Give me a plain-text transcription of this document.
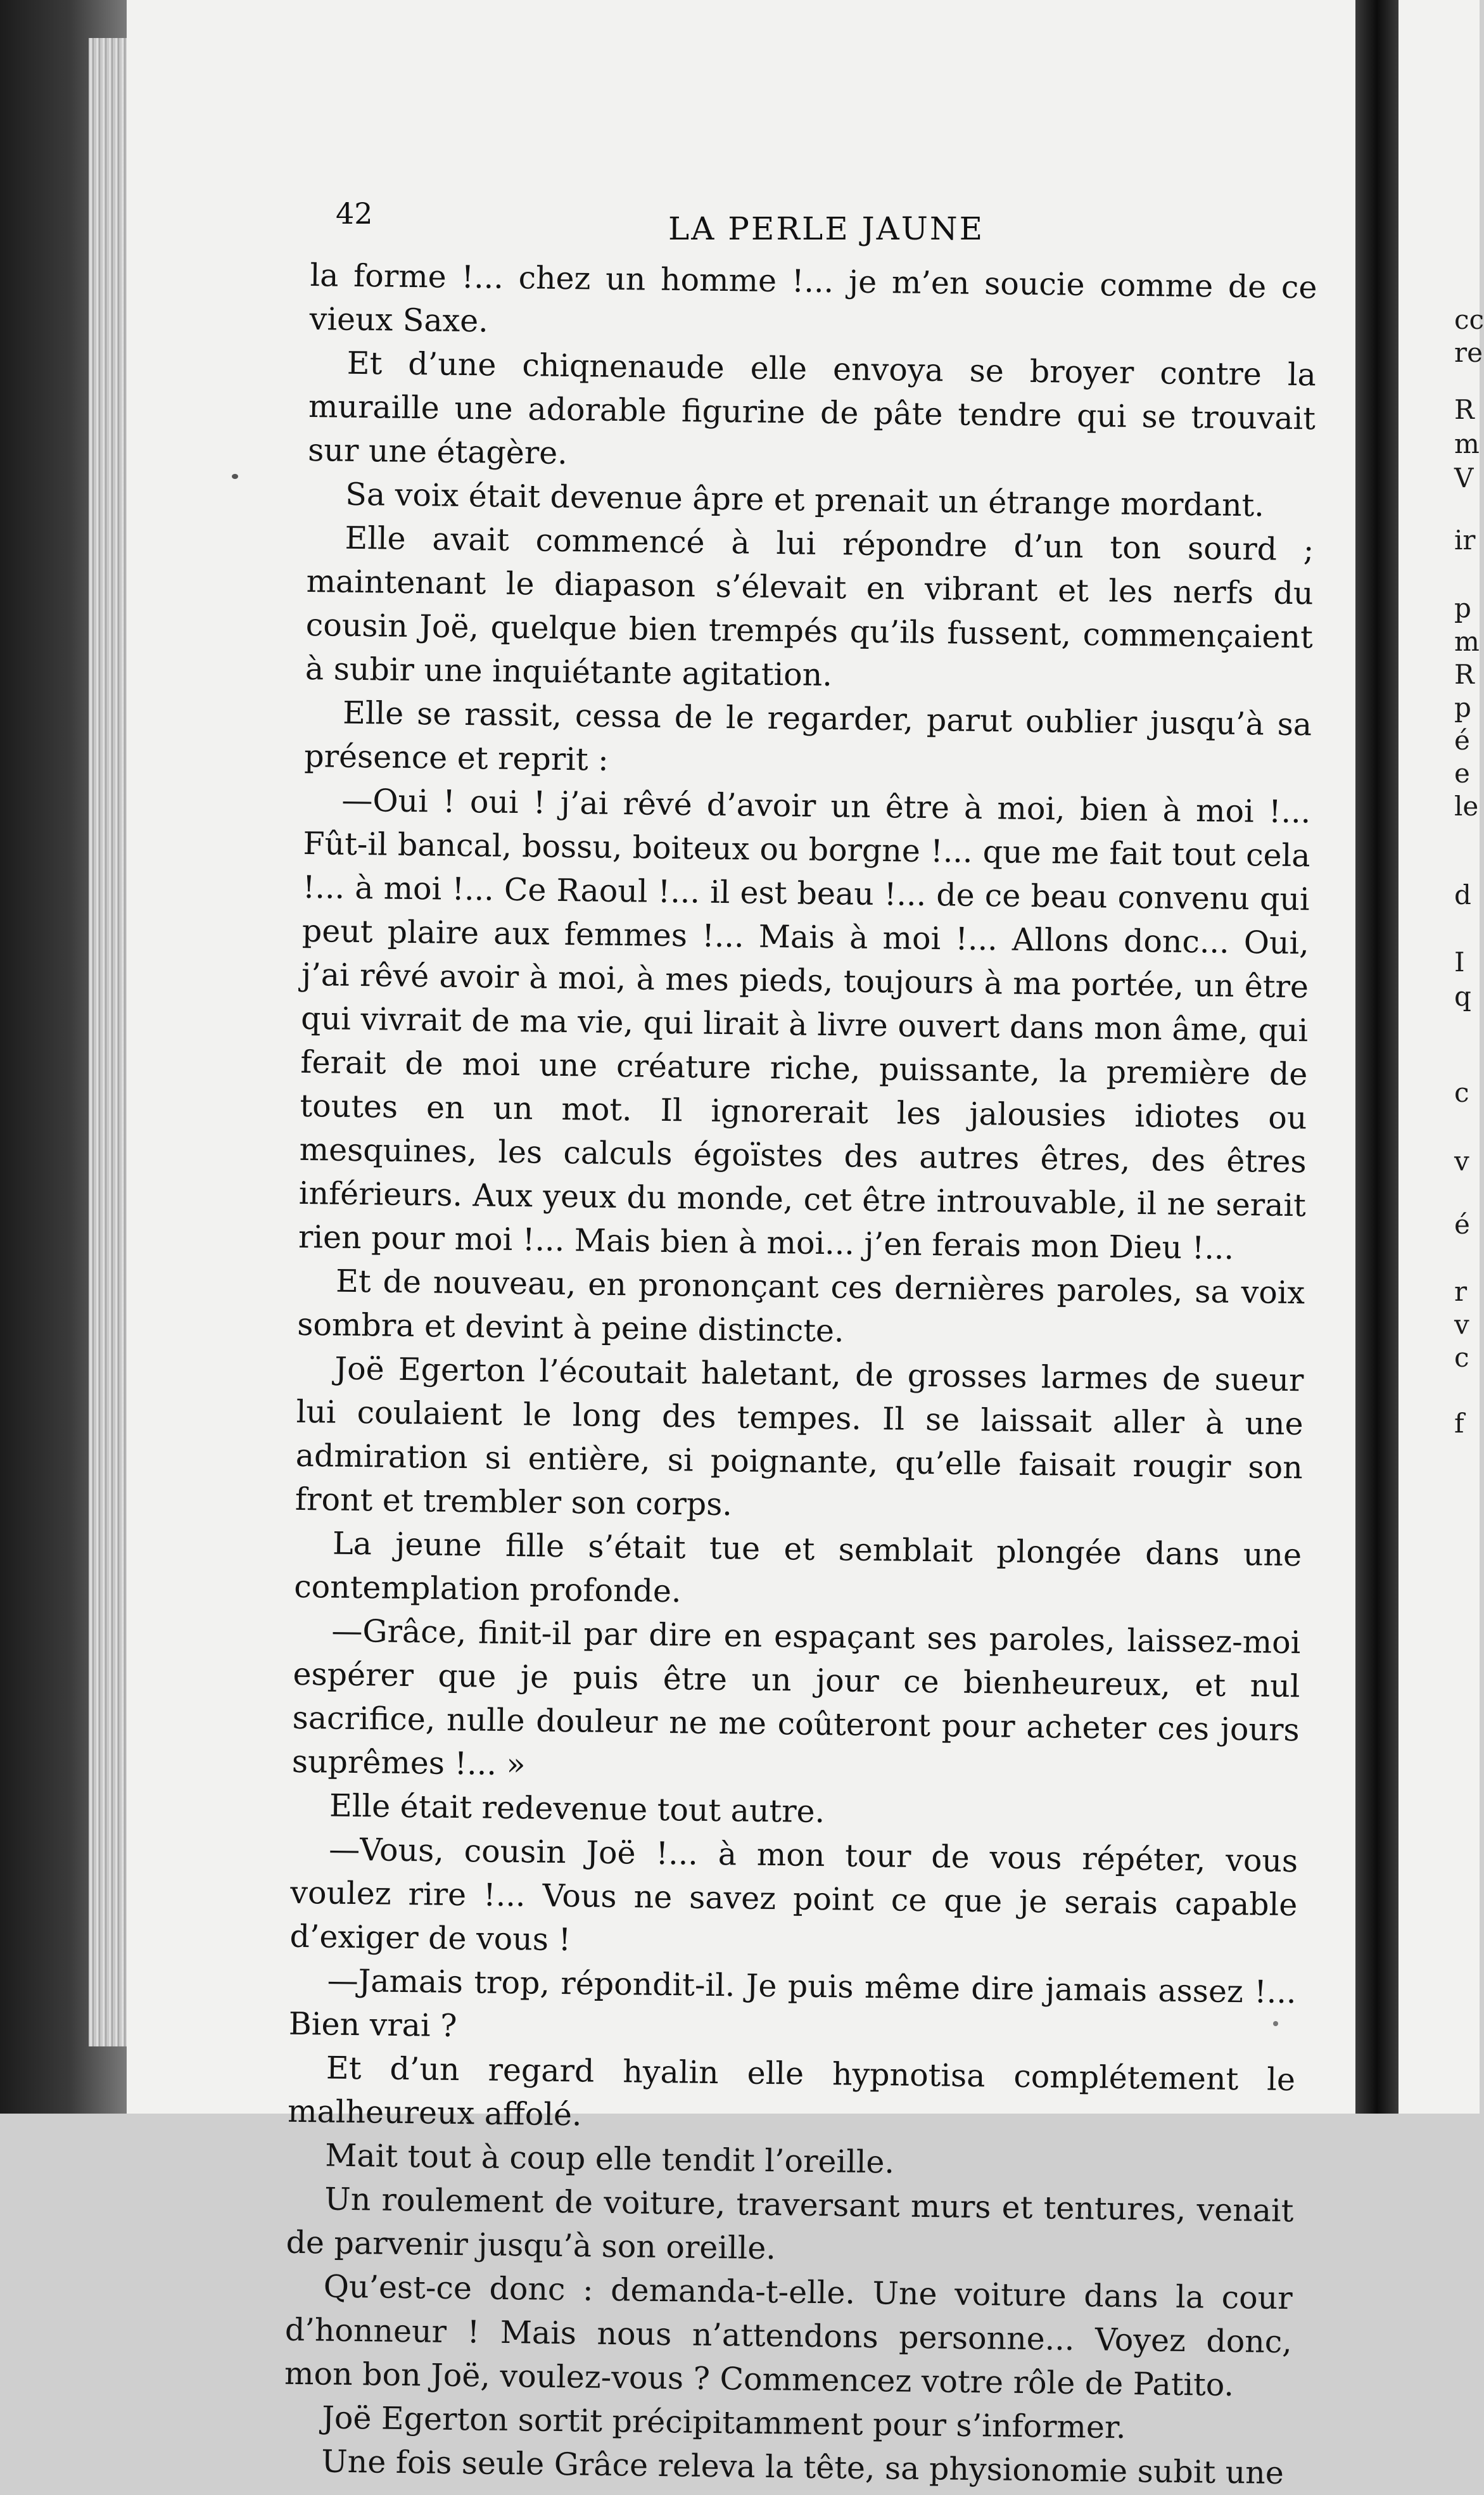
42	LA PERLE JAUNE

la forme !... chez un homme !... je m’en soucie comme de ce vieux Saxe.

Et d’une chiqnenaude elle envoya se broyer contre la muraille une adorable figurine de pâte tendre qui se trouvait sur une étagère.

Sa voix était devenue âpre et prenait un étrange mordant.

Elle avait commencé à lui répondre d’un ton sourd ; maintenant le diapason s’élevait en vibrant et les nerfs du cousin Joë, quelque bien trempés qu’ils fussent, commençaient à subir une inquiétante agitation.

Elle se rassit, cessa de le regarder, parut oublier jusqu’à sa présence et reprit :

—Oui ! oui ! j’ai rêvé d’avoir un être à moi, bien à moi !... Fût-il bancal, bossu, boiteux ou borgne !... que me fait tout cela !... à moi !... Ce Raoul !... il est beau !... de ce beau convenu qui peut plaire aux femmes !... Mais à moi !... Allons donc... Oui, j’ai rêvé avoir à moi, à mes pieds, toujours à ma portée, un être qui vivrait de ma vie, qui lirait à livre ouvert dans mon âme, qui ferait de moi une créature riche, puissante, la première de toutes en un mot. Il ignorerait les jalousies idiotes ou mesquines, les calculs égoïstes des autres êtres, des êtres inférieurs. Aux yeux du monde, cet être introuvable, il ne serait rien pour moi !... Mais bien à moi... j’en ferais mon Dieu !...

Et de nouveau, en prononçant ces dernières paroles, sa voix sombra et devint à peine distincte.

Joë Egerton l’écoutait haletant, de grosses larmes de sueur lui coulaient le long des tempes. Il se laissait aller à une admiration si entière, si poignante, qu’elle faisait rougir son front et trembler son corps.

La jeune fille s’était tue et semblait plongée dans une contemplation profonde.

—Grâce, finit-il par dire en espaçant ses paroles, laissez-moi espérer que je puis être un jour ce bienheureux, et nul sacrifice, nulle douleur ne me coûteront pour acheter ces jours suprêmes !... »

Elle était redevenue tout autre.

—Vous, cousin Joë !... à mon tour de vous répéter, vous voulez rire !... Vous ne savez point ce que je serais capable d’exiger de vous !

—Jamais trop, répondit-il. Je puis même dire jamais assez !... Bien vrai ?

Et d’un regard hyalin elle hypnotisa complétement le malheureux affolé.

Mait tout à coup elle tendit l’oreille.

Un roulement de voiture, traversant murs et tentures, venait de parvenir jusqu’à son oreille.

Qu’est-ce donc : demanda-t-elle. Une voiture dans la cour d’honneur ! Mais nous n’attendons personne... Voyez donc, mon bon Joë, voulez-vous ? Commencez votre rôle de Patito.

Joë Egerton sortit précipitamment pour s’informer.

Une fois seule Grâce releva la tête, sa physionomie subit une

cc
re
R
m
V
ir
p
m
R
p
é
e
le
d
I
q
c
v
é
r
v
c
f
